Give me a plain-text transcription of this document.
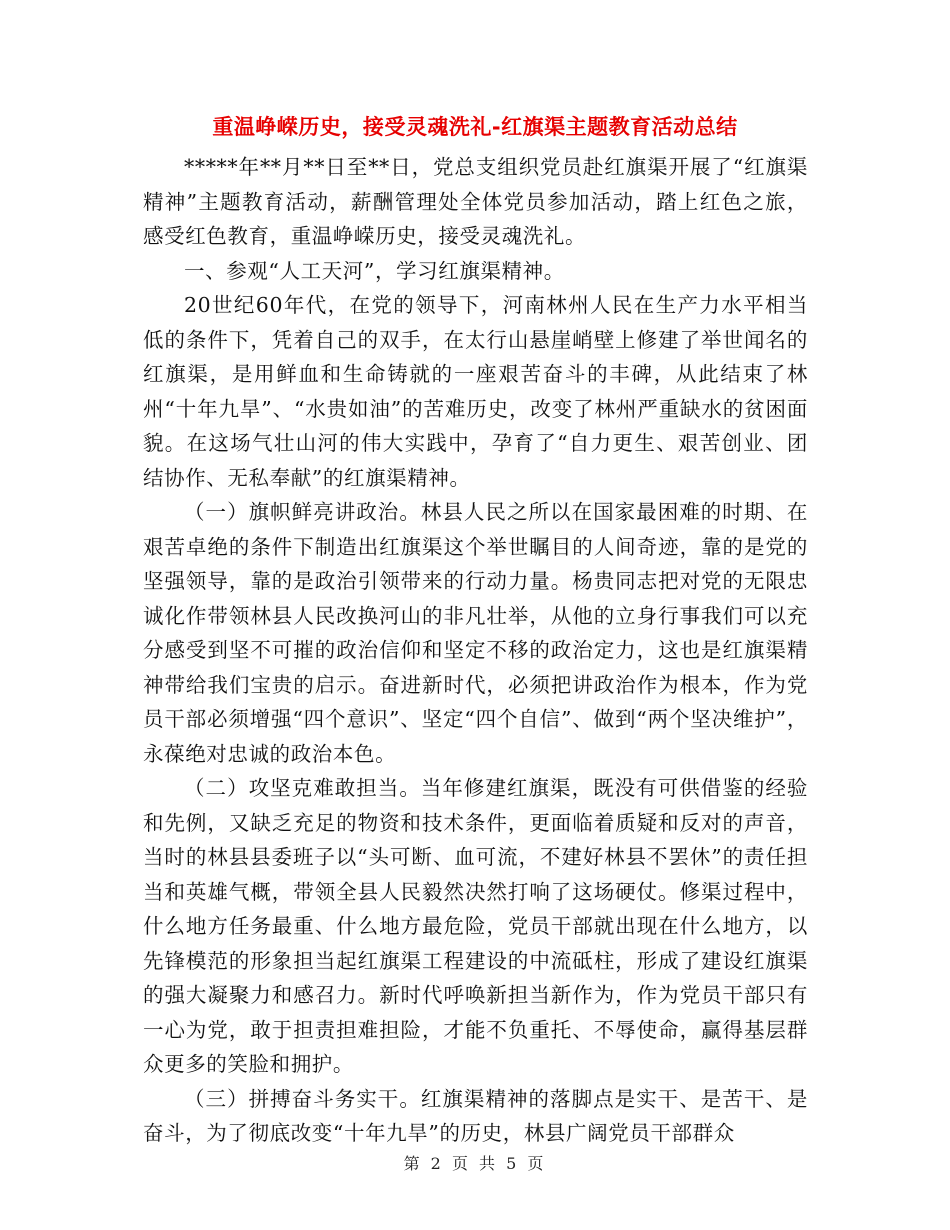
重温峥嵘历史，接受灵魂洗礼-红旗渠主题教育活动总结

*****年**月**日至**日，党总支组织党员赴红旗渠开展了“红旗渠精神”主题教育活动，薪酬管理处全体党员参加活动，踏上红色之旅，感受红色教育，重温峥嵘历史，接受灵魂洗礼。

一、参观“人工天河”，学习红旗渠精神。

20世纪60年代，在党的领导下，河南林州人民在生产力水平相当低的条件下，凭着自己的双手，在太行山悬崖峭壁上修建了举世闻名的红旗渠，是用鲜血和生命铸就的一座艰苦奋斗的丰碑，从此结束了林州“十年九旱”、“水贵如油”的苦难历史，改变了林州严重缺水的贫困面貌。在这场气壮山河的伟大实践中，孕育了“自力更生、艰苦创业、团结协作、无私奉献”的红旗渠精神。

（一）旗帜鲜亮讲政治。林县人民之所以在国家最困难的时期、在艰苦卓绝的条件下制造出红旗渠这个举世瞩目的人间奇迹，靠的是党的坚强领导，靠的是政治引领带来的行动力量。杨贵同志把对党的无限忠诚化作带领林县人民改换河山的非凡壮举，从他的立身行事我们可以充分感受到坚不可摧的政治信仰和坚定不移的政治定力，这也是红旗渠精神带给我们宝贵的启示。奋进新时代，必须把讲政治作为根本，作为党员干部必须增强“四个意识”、坚定“四个自信”、做到“两个坚决维护”，永葆绝对忠诚的政治本色。

（二）攻坚克难敢担当。当年修建红旗渠，既没有可供借鉴的经验和先例，又缺乏充足的物资和技术条件，更面临着质疑和反对的声音，当时的林县县委班子以“头可断、血可流，不建好林县不罢休”的责任担当和英雄气概，带领全县人民毅然决然打响了这场硬仗。修渠过程中，什么地方任务最重、什么地方最危险，党员干部就出现在什么地方，以先锋模范的形象担当起红旗渠工程建设的中流砥柱，形成了建设红旗渠的强大凝聚力和感召力。新时代呼唤新担当新作为，作为党员干部只有一心为党，敢于担责担难担险，才能不负重托、不辱使命，赢得基层群众更多的笑脸和拥护。

（三）拼搏奋斗务实干。红旗渠精神的落脚点是实干、是苦干、是奋斗，为了彻底改变“十年九旱”的历史，林县广阔党员干部群众

第 2 页 共 5 页
